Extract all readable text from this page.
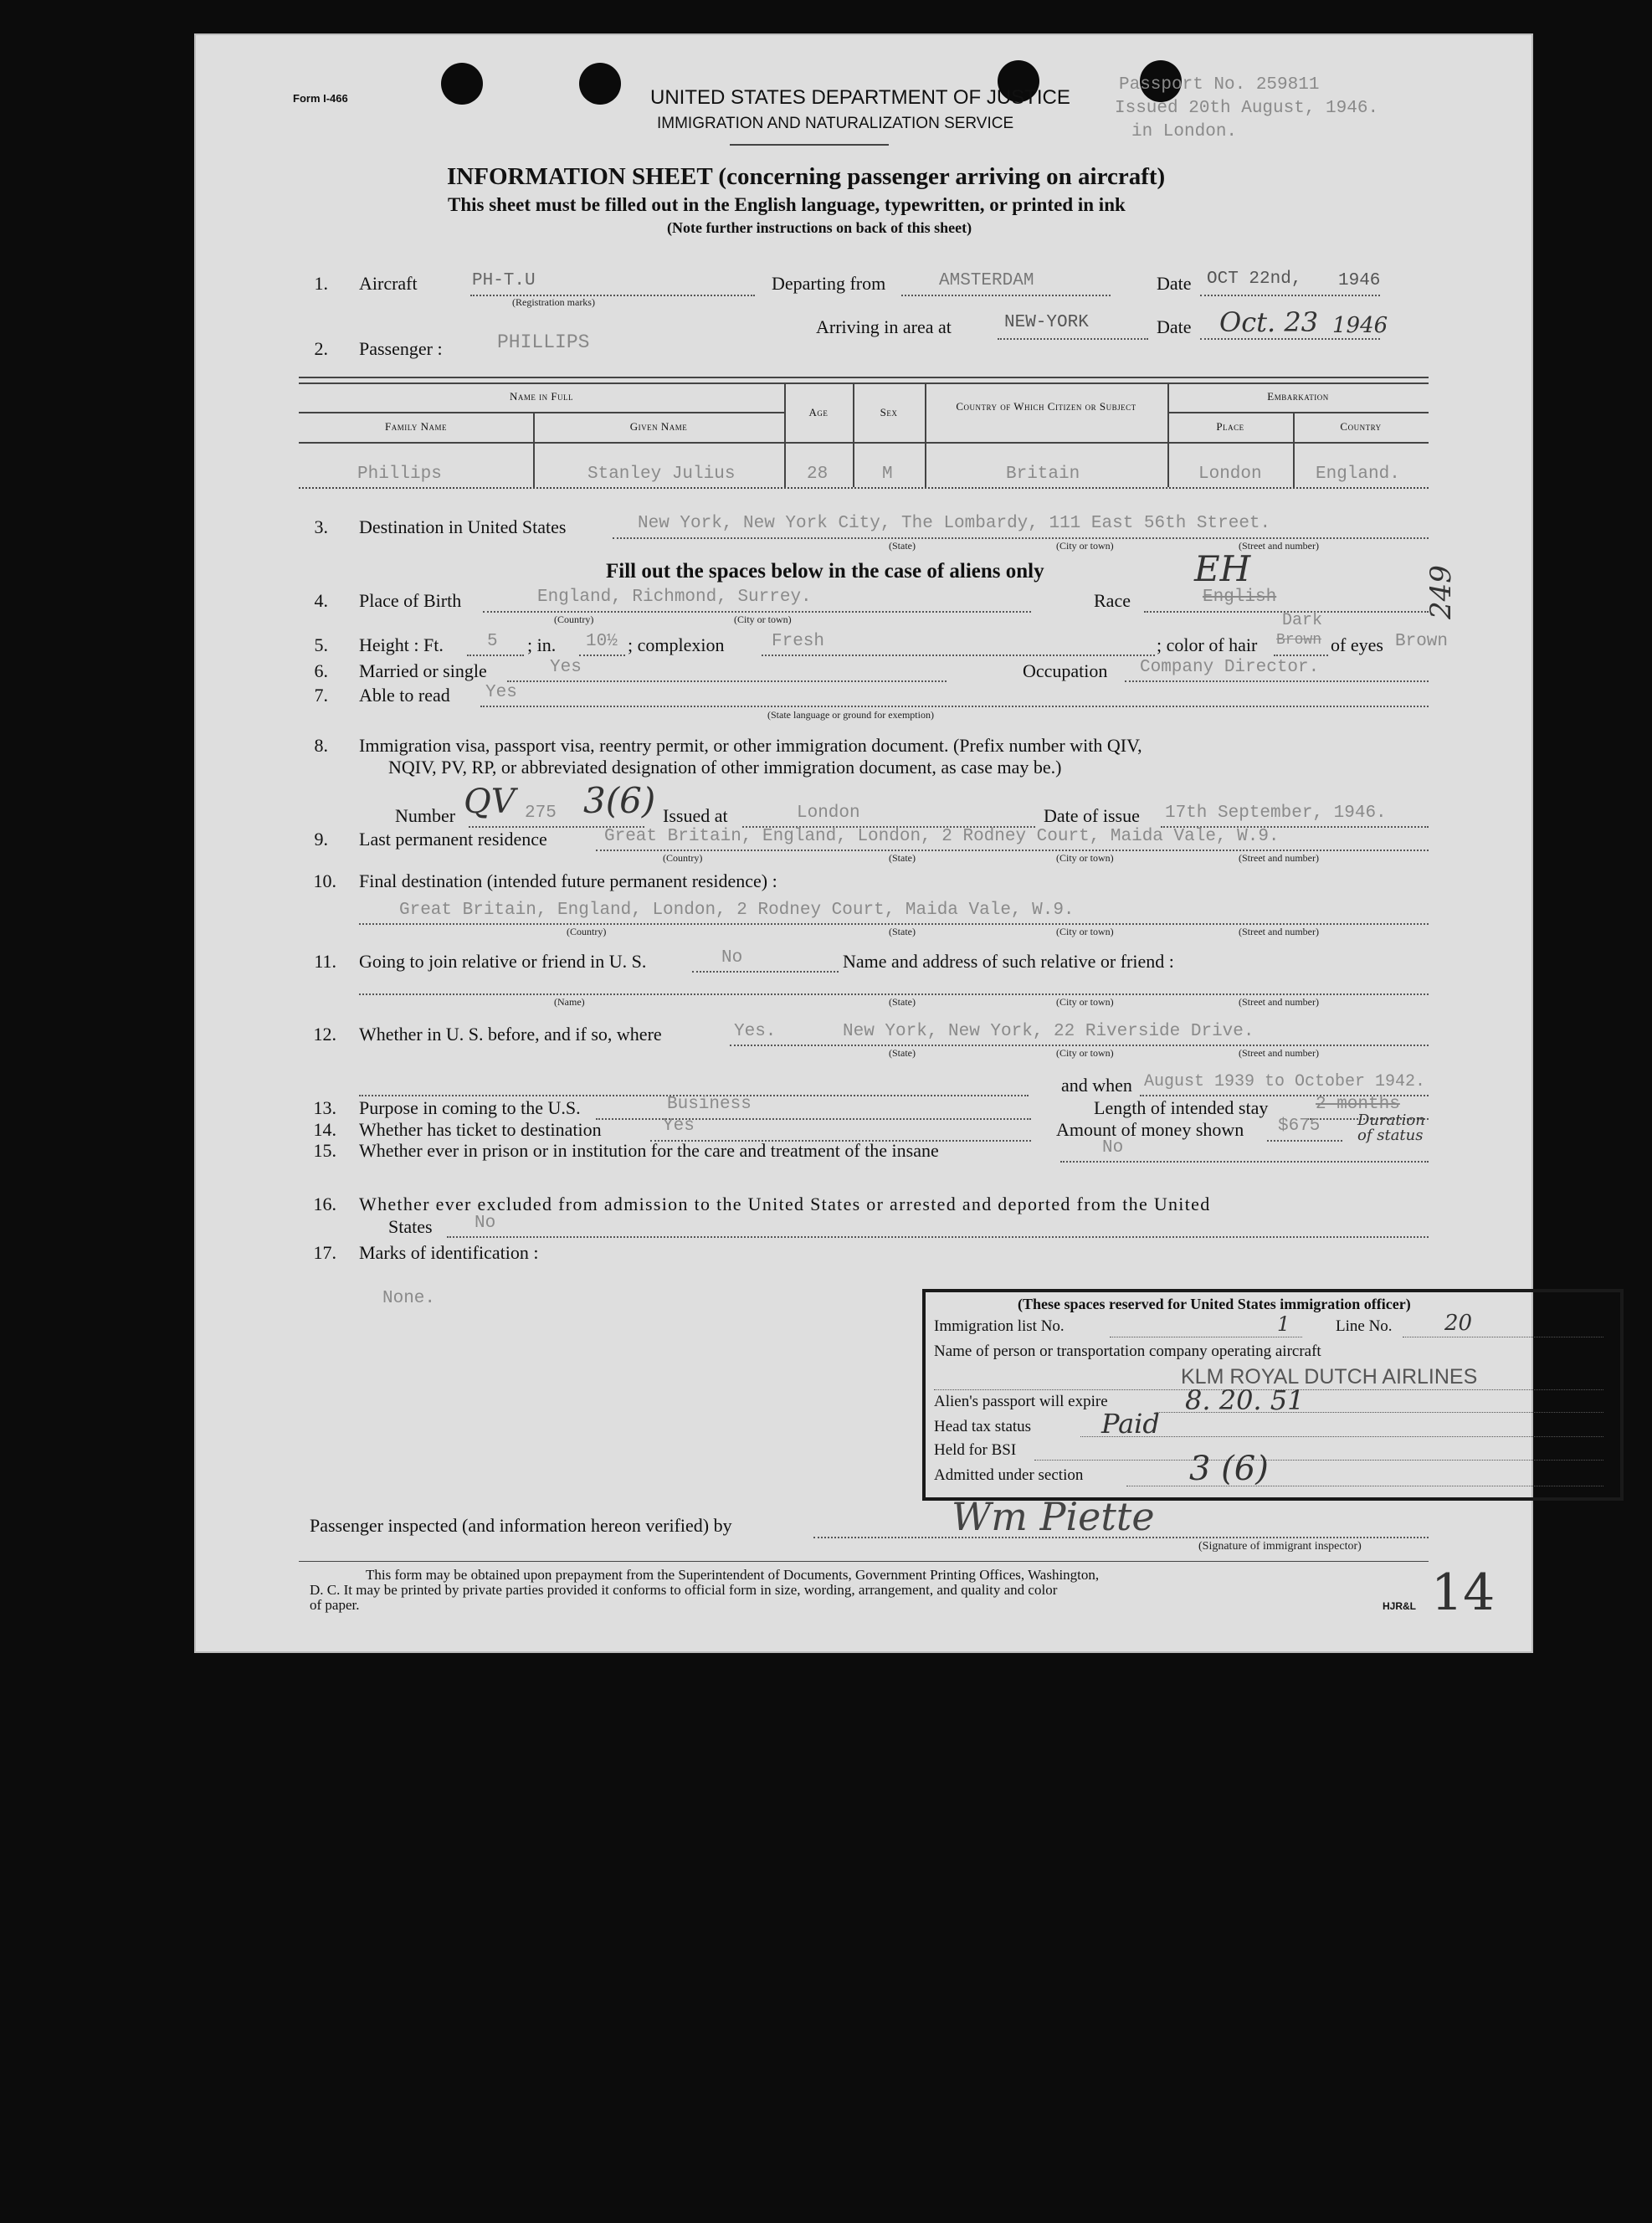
Form I-466	UNITED STATES DEPARTMENT OF JUSTICE
IMMIGRATION AND NATURALIZATION SERVICE
Passport No. 259811
Issued 20th August, 1946.
in London.
INFORMATION SHEET (concerning passenger arriving on aircraft)
This sheet must be filled out in the English language, typewritten, or printed in ink
(Note further instructions on back of this sheet)
1. Aircraft	PH-T.U
(Registration marks)
Departing from	AMSTERDAM	Date OCT 22nd, 1946
2. Passenger :	PHILLIPS
Arriving in area at	NEW-YORK	Date Oct. 23 1946
Name in Full
Family Name	Given Name
Age	Sex	Country of Which Citizen or Subject
Embarkation
Place	Country
Phillips	Stanley Julius	28	M	Britain	London	England.
3. Destination in United States	New York, New York City, The Lombardy, 111 East 56th Street.
(State)	(City or town)	(Street and number)
Fill out the spaces below in the case of aliens only
4. Place of Birth	England, Richmond, Surrey.
(Country)	(City or town)
Race	English
EH
5. Height : Ft. 5 ; in. 10½ ; complexion	Fresh	; color of hair Brown
Dark
of eyes Brown
249
6. Married or single	Yes	Occupation Company Director.
7. Able to read Yes
(State language or ground for exemption)
8. Immigration visa, passport visa, reentry permit, or other immigration document. (Prefix number with QIV,
NQIV, PV, RP, or abbreviated designation of other immigration document, as case may be.)
Number QV 275 3(6) Issued at	London	Date of issue 17th September, 1946.
9. Last permanent residence	Great Britain, England, London, 2 Rodney Court, Maida Vale, W.9.
(Country)	(State)	(City or town)	(Street and number)
10. Final destination (intended future permanent residence) :
Great Britain, England, London, 2 Rodney Court, Maida Vale, W.9.
(Country)	(State)	(City or town)	(Street and number)
11. Going to join relative or friend in U. S.	No	Name and address of such relative or friend :
(Name)	(State)	(City or town)	(Street and number)
12. Whether in U. S. before, and if so, where	Yes.	New York, New York, 22 Riverside Drive.
(State)	(City or town)	(Street and number)
and when August 1939 to October 1942.
13. Purpose in coming to the U.S.	Business	Length of intended stay	2 months
Duration of status
14. Whether has ticket to destination	Yes	Amount of money shown $675
15. Whether ever in prison or in institution for the care and treatment of the insane	No
16. Whether ever excluded from admission to the United States or arrested and deported from the United
States No
17. Marks of identification :
None.	(These spaces reserved for United States immigration officer)
Immigration list No.	1	Line No. 20
Name of person or transportation company operating aircraft
KLM ROYAL DUTCH AIRLINES
Alien's passport will expire	8. 20. 51
Head tax status	Paid
Held for BSI
Admitted under section	3 (6)
Passenger inspected (and information hereon verified) by	Wm Piette
(Signature of immigrant inspector)
This form may be obtained upon prepayment from the Superintendent of Documents, Government Printing Offices, Washington,
D. C. It may be printed by private parties provided it conforms to official form in size, wording, arrangement, and quality and color
of paper.	HJR&L 14
